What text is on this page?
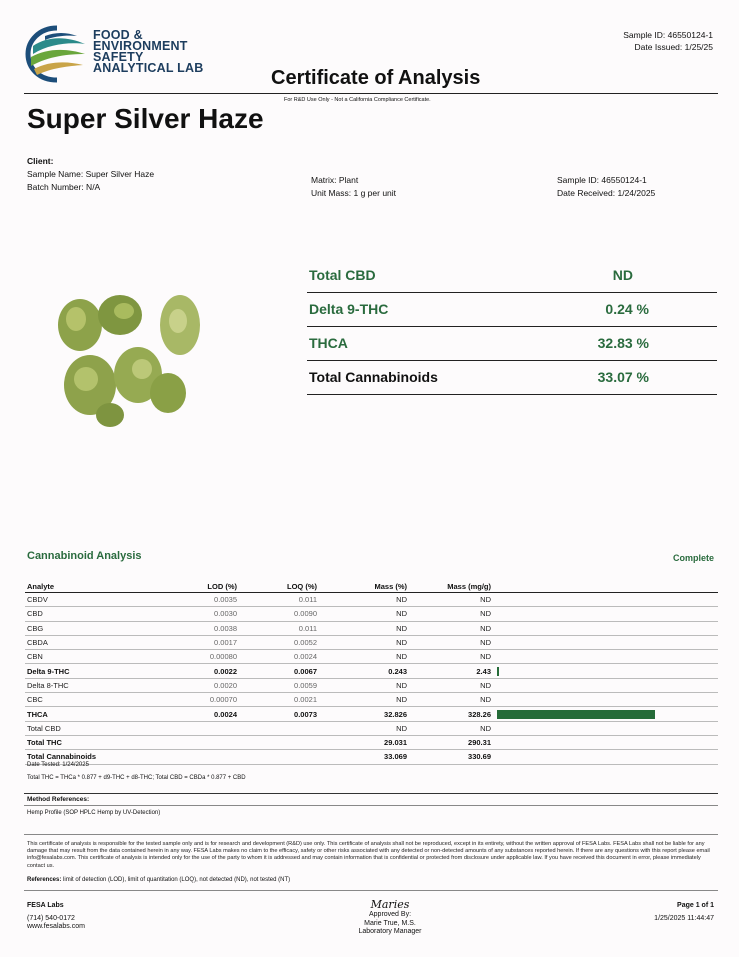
FOOD &
ENVIRONMENT
SAFETY
ANALYTICAL LAB	Certificate of Analysis
For R&D Use Only - Not a California Compliance Certificate.
Sample ID: 46550124-1
Date Issued: 1/25/25
Super Silver Haze
Client:
Sample Name: Super Silver Haze
Batch Number: N/A
Matrix: Plant
Unit Mass: 1 g per unit
Sample ID: 46550124-1
Date Received: 1/24/2025
Total CBD	ND
Delta 9-THC	0.24 %
THCA	32.83 %
Total Cannabinoids	33.07 %
Cannabinoid Analysis	Complete
Analyte	LOD (%)	LOQ (%)	Mass (%)	Mass (mg/g)	
CBDV	0.0035	0.011	ND	ND	
CBD	0.0030	0.0090	ND	ND	
CBG	0.0038	0.011	ND	ND	
CBDA	0.0017	0.0052	ND	ND	
CBN	0.00080	0.0024	ND	ND	
Delta 9-THC	0.0022	0.0067	0.243	2.43	

Delta 8-THC	0.0020	0.0059	ND	ND	
CBC	0.00070	0.0021	ND	ND	
THCA	0.0024	0.0073	32.826	328.26	

Total CBD			ND	ND	
Total THC			29.031	290.31	
Total Cannabinoids			33.069	330.69	
Date Tested: 1/24/2025
Total THC = THCa * 0.877 + d9-THC + d8-THC; Total CBD = CBDa * 0.877 + CBD
Method References:
Hemp Profile (SOP HPLC Hemp by UV-Detection)
This certificate of analysis is responsible for the tested sample only and is for research and development (R&D) use only. This certificate of analysis shall not be reproduced, except in its entirety, without the written approval of FESA Labs. FESA Labs shall not be liable for any damage that may result from the data contained herein in any way. FESA Labs makes no claim to the efficacy, safety or other risks associated with any detected or non-detected amounts of any substances reported herein. If there are any questions with this report please email info@fesalabs.com. This certificate of analysis is intended only for the use of the party to whom it is addressed and may contain information that is confidential or protected from disclosure under applicable law. If you have received this document in error, please immediately contact us.
References: limit of detection (LOD), limit of quantitation (LOQ), not detected (ND), not tested (NT)
FESA Labs
(714) 540-0172
www.fesalabs.com
Maries
Approved By:
Marie True, M.S.
Laboratory Manager
Page 1 of 1
1/25/2025 11:44:47
